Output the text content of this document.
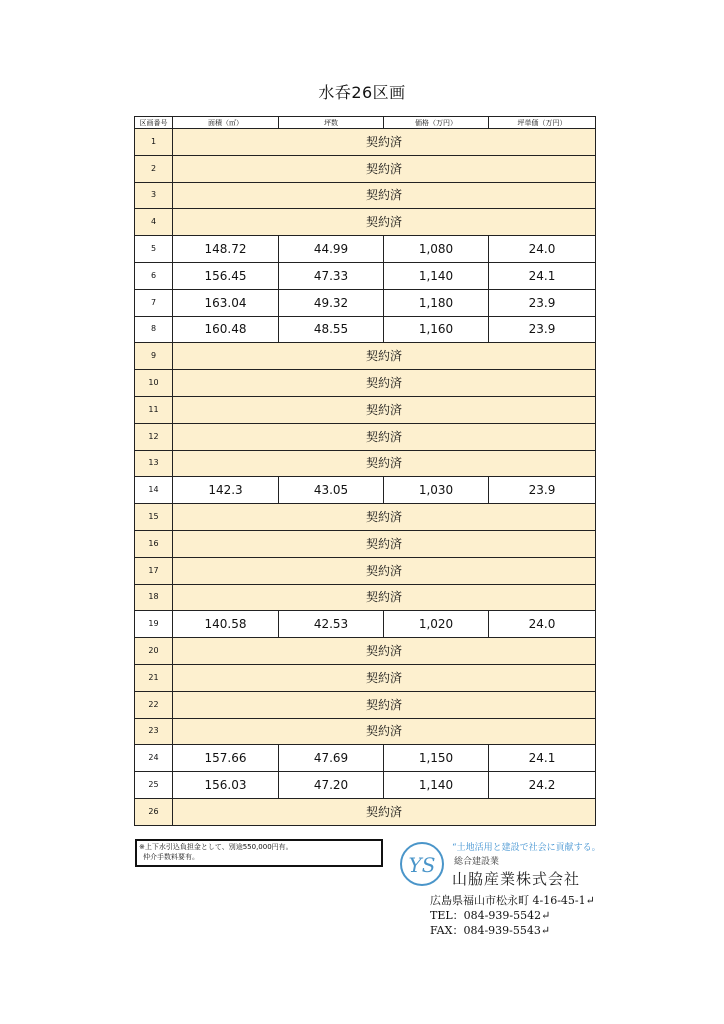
水呑26区画
区画番号	面積（㎡）	坪数	価格（万円）	坪単価（万円）
1	契約済			
2	契約済			
3	契約済			
4	契約済			
5	148.72	44.99	1,080	24.0
6	156.45	47.33	1,140	24.1
7	163.04	49.32	1,180	23.9
8	160.48	48.55	1,160	23.9
9	契約済			
10	契約済			
11	契約済			
12	契約済			
13	契約済			
14	142.3	43.05	1,030	23.9
15	契約済			
16	契約済			
17	契約済			
18	契約済			
19	140.58	42.53	1,020	24.0
20	契約済			
21	契約済			
22	契約済			
23	契約済			
24	157.66	47.69	1,150	24.1
25	156.03	47.20	1,140	24.2
26	契約済			
※上下水引込負担金として、別途550,000円有。
仲介手数料要有。	YS
“土地活用と建設で社会に貢献する。
総合建設業
山脇産業株式会社
広島県福山市松永町 4-16-45-1↵
TEL：084-939-5542↵
FAX：084-939-5543↵
